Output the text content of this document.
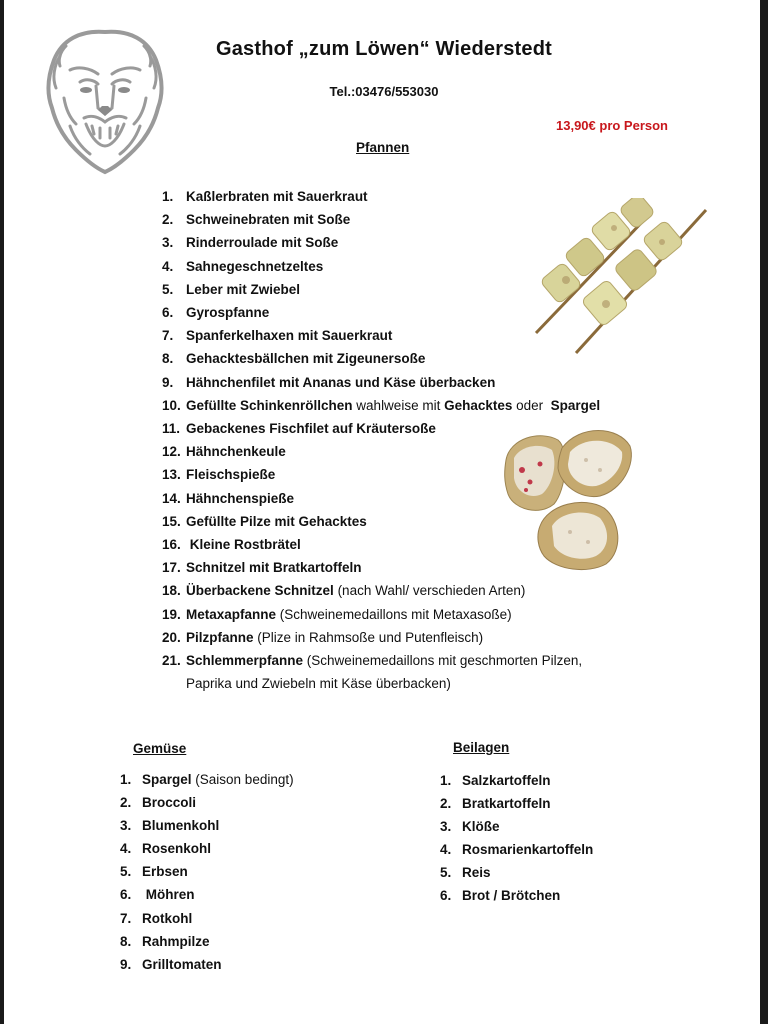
Gasthof „zum Löwen“ Wiederstedt
Tel.:03476/553030
13,90€ pro Person
Pfannen
1. Kaßlerbraten mit Sauerkraut
2. Schweinebraten mit Soße
3. Rinderroulade mit Soße
4. Sahnegeschnetzeltes
5. Leber mit Zwiebel
6. Gyrospfanne
7. Spanferkelhaxen mit Sauerkraut
8. Gehacktesbällchen mit Zigeunersoße
9. Hähnchenfilet mit Ananas und Käse überbacken
10. Gefüllte Schinkenröllchen wahlweise mit Gehacktes oder  Spargel
11. Gebackenes Fischfilet auf Kräutersoße
12. Hähnchenkeule
13. Fleischspieße
14. Hähnchenspieße
15. Gefüllte Pilze mit Gehacktes
16. Kleine Rostbrätel
17. Schnitzel mit Bratkartoffeln
18. Überbackene Schnitzel (nach Wahl/ verschieden Arten)
19. Metaxapfanne (Schweinemedaillons mit Metaxasoße)
20. Pilzpfanne (Plize in Rahmsoße und Putenfleisch)
21. Schlemmerpfanne (Schweinemedaillons mit geschmorten Pilzen,
Paprika und Zwiebeln mit Käse überbacken)
Gemüse	Beilagen
1. Spargel (Saison bedingt)
2. Broccoli
3. Blumenkohl
4. Rosenkohl
5. Erbsen
6. Möhren
7. Rotkohl
8. Rahmpilze
9. Grilltomaten
1. Salzkartoffeln
2. Bratkartoffeln
3. Klöße
4. Rosmarienkartoffeln
5. Reis
6. Brot / Brötchen
